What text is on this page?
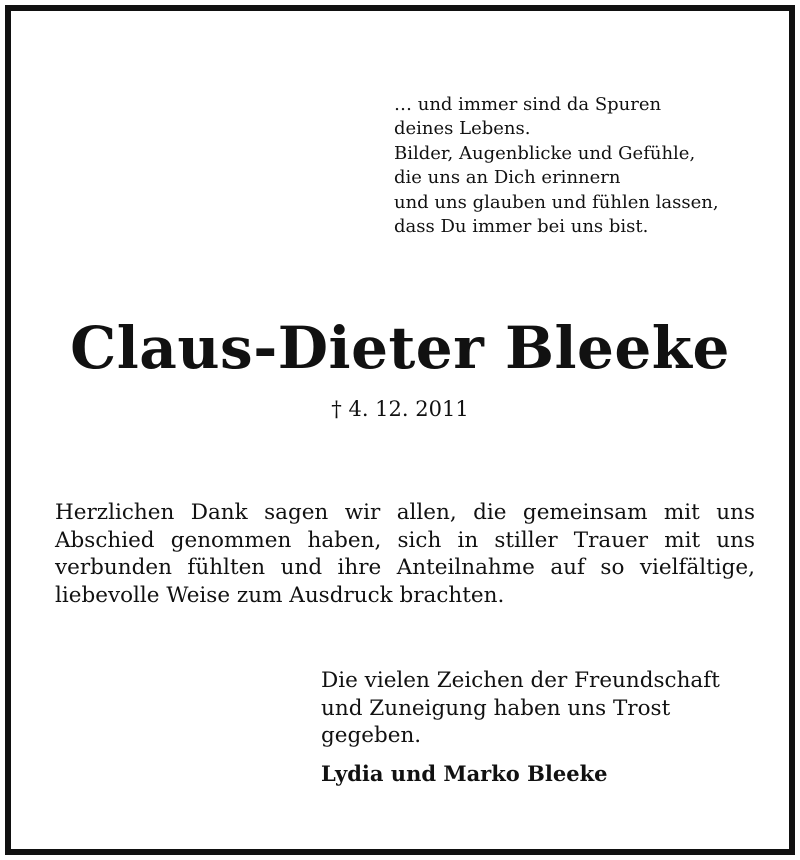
… und immer sind da Spuren
deines Lebens.
Bilder, Augenblicke und Gefühle,
die uns an Dich erinnern
und uns glauben und fühlen lassen,
dass Du immer bei uns bist.
Claus-Dieter Bleeke
† 4. 12. 2011
Herzlichen Dank sagen wir allen, die gemeinsam mit uns
Abschied genommen haben, sich in stiller Trauer mit uns
verbunden fühlten und ihre Anteilnahme auf so vielfältige,
liebevolle Weise zum Ausdruck brachten.
Die vielen Zeichen der Freundschaft
und Zuneigung haben uns Trost
gegeben.
Lydia und Marko Bleeke
